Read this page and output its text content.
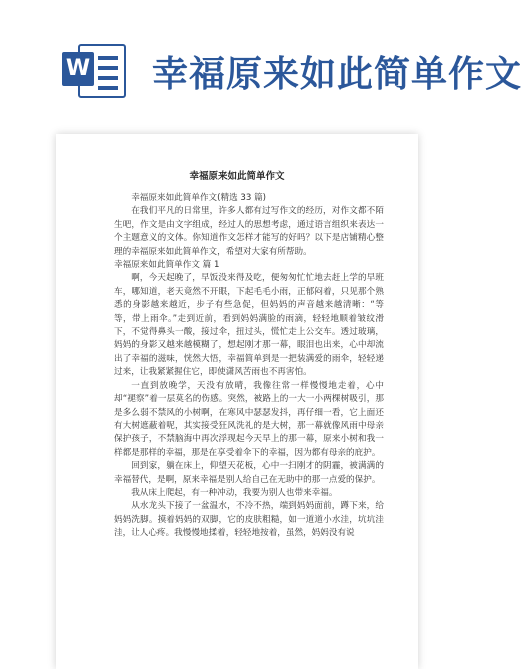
W 幸福原来如此简单作文
幸福原来如此简单作文

幸福原来如此简单作文(精选 33 篇)

在我们平凡的日常里，许多人都有过写作文的经历，对作文都不陌生吧，作文是由文字组成，经过人的思想考虑，通过语言组织来表达一个主题意义的文体。你知道作文怎样才能写的好吗？以下是店铺精心整理的幸福原来如此简单作文，希望对大家有所帮助。

幸福原来如此简单作文 篇 1

啊，今天起晚了，早饭没来得及吃，便匆匆忙忙地去赶上学的早班车，哪知道，老天竟然不开眼，下起毛毛小雨，正郁闷着，只见那个熟悉的身影越来越近，步子有些急促，但妈妈的声音越来越清晰：“等等，带上雨伞。”走到近前，看到妈妈满脸的雨滴，轻轻地顺着皱纹滑下，不觉得鼻头一酸，接过伞，扭过头，慌忙走上公交车。透过玻璃，妈妈的身影又越来越模糊了，想起刚才那一幕，眼泪也出来，心中却流出了幸福的滋味，恍然大悟，幸福简单到是一把装满爱的雨伞，轻轻递过来，让我紧紧握住它，即使潇风苦雨也不再害怕。

一直到放晚学，天没有放晴，我像往常一样慢慢地走着，心中却“褪察”着一层莫名的伤感。突然，被路上的一大一小两棵树吸引，那是多么弱不禁风的小树啊，在寒风中瑟瑟发抖，再仔细一看，它上面还有大树遮蔽着呢，其实接受狂风洗礼的是大树，那一幕就像风雨中母亲保护孩子，不禁脑海中再次浮现起今天早上的那一幕，原来小树和我一样都是那样的幸福，那是在享受着伞下的幸福，因为都有母亲的庇护。

回到家，躺在床上，仰望天花板，心中一扫刚才的阴霾，被满满的幸福替代，是啊，原来幸福是别人给自己在无助中的那一点爱的保护。

我从床上爬起，有一种冲动，我要为别人也带来幸福。

从水龙头下接了一盆温水，不冷不热，端到妈妈面前，蹲下来，给妈妈洗脚。摸着妈妈的双脚，它的皮肤粗糙，如一道道小水洼，坑坑洼洼，让人心疼。我慢慢地揉着，轻轻地按着，虽然，妈妈没有说
